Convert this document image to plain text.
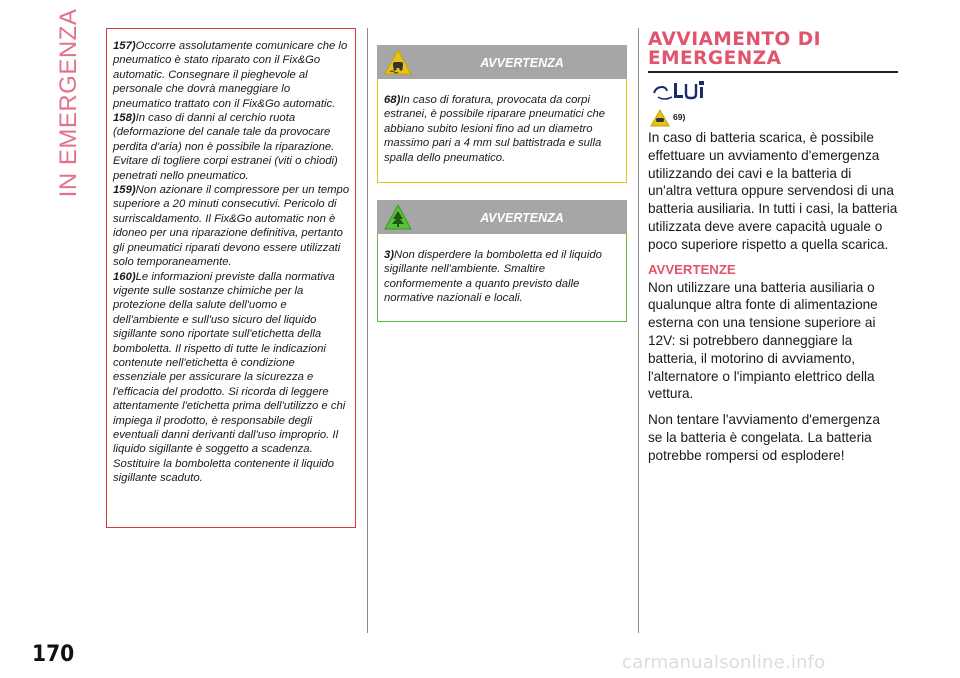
IN EMERGENZA
170

157)Occorre assolutamente comunicare che lo pneumatico è stato riparato con il Fix&Go automatic. Consegnare il pieghevole al personale che dovrà maneggiare lo pneumatico trattato con il Fix&Go automatic.

158)In caso di danni al cerchio ruota (deformazione del canale tale da provocare perdita d'aria) non è possibile la riparazione. Evitare di togliere corpi estranei (viti o chiodi) penetrati nello pneumatico.

159)Non azionare il compressore per un tempo superiore a 20 minuti consecutivi. Pericolo di surriscaldamento. Il Fix&Go automatic non è idoneo per una riparazione definitiva, pertanto gli pneumatici riparati devono essere utilizzati solo temporaneamente.

160)Le informazioni previste dalla normativa vigente sulle sostanze chimiche per la protezione della salute dell'uomo e dell'ambiente e sull'uso sicuro del liquido sigillante sono riportate sull'etichetta della bomboletta. Il rispetto di tutte le indicazioni contenute nell'etichetta è condizione essenziale per assicurare la sicurezza e l'efficacia del prodotto. Si ricorda di leggere attentamente l'etichetta prima dell'utilizzo e chi impiega il prodotto, è responsabile degli eventuali danni derivanti dall'uso improprio. Il liquido sigillante è soggetto a scadenza. Sostituire la bomboletta contenente il liquido sigillante scaduto.

AVVERTENZA

68)In caso di foratura, provocata da corpi estranei, è possibile riparare pneumatici che abbiano subito lesioni fino ad un diametro massimo pari a 4 mm sul battistrada e sulla spalla dello pneumatico.

AVVERTENZA

3)Non disperdere la bomboletta ed il liquido sigillante nell'ambiente. Smaltire conformemente a quanto previsto dalle normative nazionali e locali.

AVVIAMENTO DI
EMERGENZA
69)

In caso di batteria scarica, è possibile effettuare un avviamento d'emergenza utilizzando dei cavi e la batteria di un'altra vettura oppure servendosi di una batteria ausiliaria. In tutti i casi, la batteria utilizzata deve avere capacità uguale o poco superiore rispetto a quella scarica.

AVVERTENZE

Non utilizzare una batteria ausiliaria o qualunque altra fonte di alimentazione esterna con una tensione superiore ai 12V: si potrebbero danneggiare la batteria, il motorino di avviamento, l'alternatore o l'impianto elettrico della vettura.

Non tentare l'avviamento d'emergenza se la batteria è congelata. La batteria potrebbe rompersi od esplodere!

carmanualsonline.info
